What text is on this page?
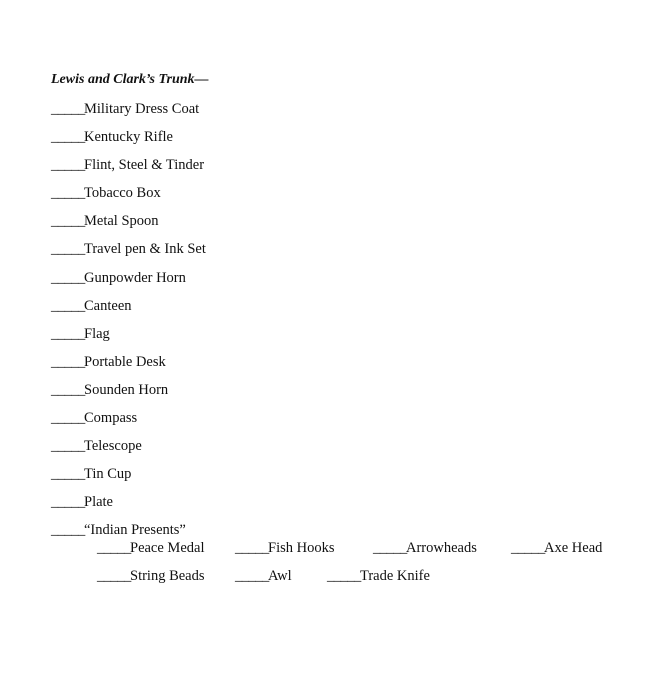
Lewis and Clark’s Trunk—
_____Military Dress Coat
_____Kentucky Rifle
_____Flint, Steel & Tinder
_____Tobacco Box
_____Metal Spoon
_____Travel pen & Ink Set
_____Gunpowder Horn
_____Canteen
_____Flag
_____Portable Desk
_____Sounden Horn
_____Compass
_____Telescope
_____Tin Cup
_____Plate
_____“Indian Presents”
_____Peace Medal _____Fish Hooks	_____Arrowheads _____Axe Head
_____String Beads _____Awl _____Trade Knife
